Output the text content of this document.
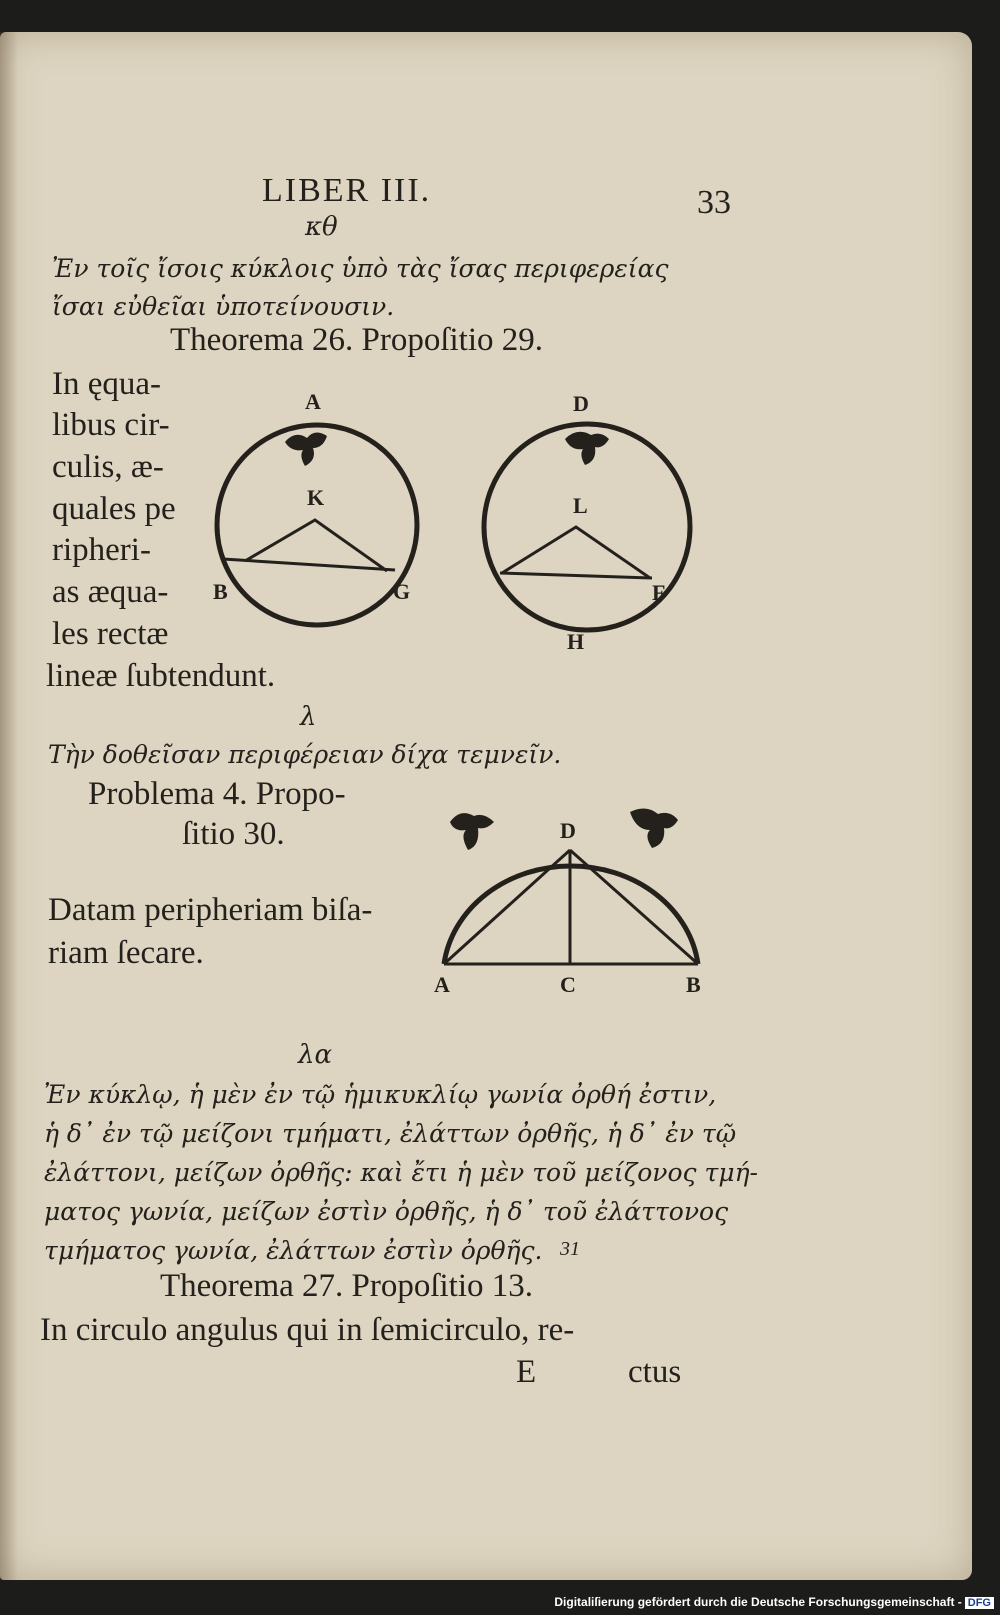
LIBER III.	33
κθ
Ἐν τοῖς ἴσοις κύκλοις ὑπὸ τὰς ἴσας περιφερείας
ἴσαι εὐθεῖαι ὑποτείνουσιν.
Theorema 26. Propoſitio 29.
In ęqua-
libus cir-
culis, æ-
quales pe
ripheri-
as æqua-
les rectæ
lineæ ſubtendunt.
A
K
B	G
D
L
F
H
λ
Τὴν δοθεῖσαν περιφέρειαν δίχα τεμνεῖν.
Problema 4. Propo-
ſitio 30.
Datam peripheriam biſa-
riam ſecare.
D
A	C	B
λα
Ἐν κύκλῳ, ἡ μὲν ἐν τῷ ἡμικυκλίῳ γωνία ὀρθή ἐστιν,
ἡ δ᾽ ἐν τῷ μείζονι τμήματι, ἐλάττων ὀρθῆς, ἡ δ᾽ ἐν τῷ
ἐλάττονι, μείζων ὀρθῆς: καὶ ἔτι ἡ μὲν τοῦ μείζονος τμή-
ματος γωνία, μείζων ἐστὶν ὀρθῆς, ἡ δ᾽ τοῦ ἐλάττονος
τμήματος γωνία, ἐλάττων ἐστὶν ὀρθῆς. 31
Theorema 27. Propoſitio 13.
In circulo angulus qui in ſemicirculo, re-
E	ctus
Digitaliſierung gefördert durch die Deutsche Forschungsgemeinschaft - DFG
